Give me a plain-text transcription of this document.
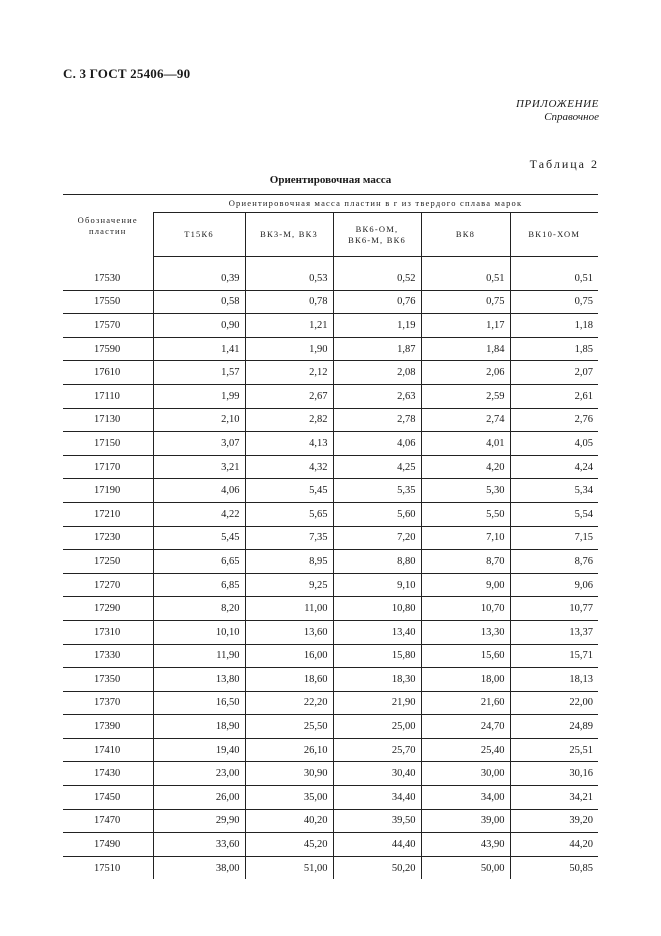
С. 3 ГОСТ 25406—90
ПРИЛОЖЕНИЕ
Справочное
Таблица 2
Ориентировочная масса
Обозначение пластин	Ориентировочная масса пластин в г из твердого сплава марок				
	Т15К6	ВК3-М, ВК3	ВК6-ОМ, ВК6-М, ВК6	ВК8	ВК10-ХОМ

17530	0,39	0,53	0,52	0,51	0,51
17550	0,58	0,78	0,76	0,75	0,75
17570	0,90	1,21	1,19	1,17	1,18
17590	1,41	1,90	1,87	1,84	1,85
17610	1,57	2,12	2,08	2,06	2,07
17110	1,99	2,67	2,63	2,59	2,61
17130	2,10	2,82	2,78	2,74	2,76
17150	3,07	4,13	4,06	4,01	4,05
17170	3,21	4,32	4,25	4,20	4,24
17190	4,06	5,45	5,35	5,30	5,34
17210	4,22	5,65	5,60	5,50	5,54
17230	5,45	7,35	7,20	7,10	7,15
17250	6,65	8,95	8,80	8,70	8,76
17270	6,85	9,25	9,10	9,00	9,06
17290	8,20	11,00	10,80	10,70	10,77
17310	10,10	13,60	13,40	13,30	13,37
17330	11,90	16,00	15,80	15,60	15,71
17350	13,80	18,60	18,30	18,00	18,13
17370	16,50	22,20	21,90	21,60	22,00
17390	18,90	25,50	25,00	24,70	24,89
17410	19,40	26,10	25,70	25,40	25,51
17430	23,00	30,90	30,40	30,00	30,16
17450	26,00	35,00	34,40	34,00	34,21
17470	29,90	40,20	39,50	39,00	39,20
17490	33,60	45,20	44,40	43,90	44,20
17510	38,00	51,00	50,20	50,00	50,85
